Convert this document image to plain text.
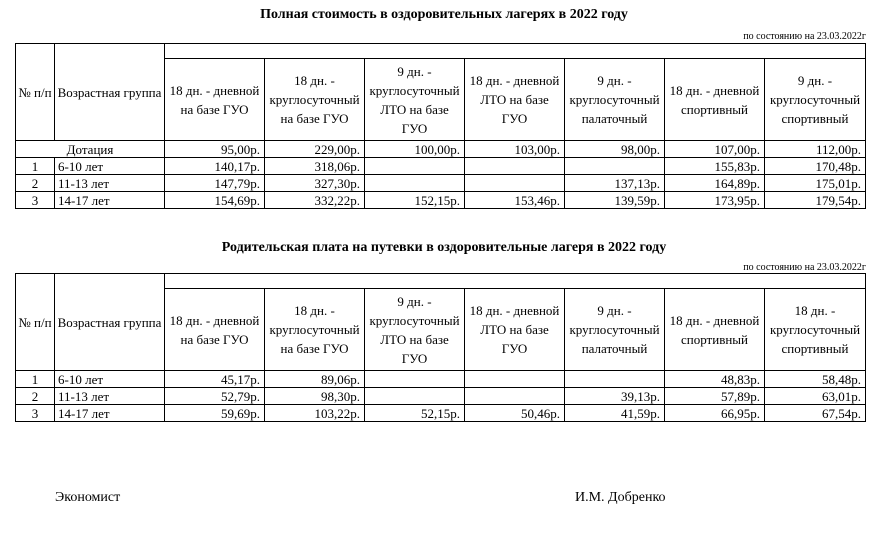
Полная стоимость в оздоровительных лагерях в 2022 году
по состоянию на 23.03.2022г
№ п/п	Возрастная группа							
		18 дн. - дневной на базе ГУО	18 дн. - круглосуточный на базе ГУО	9 дн. - круглосуточный ЛТО на базе ГУО	18 дн. - дневной ЛТО на базе ГУО	9 дн. - круглосуточный палаточный	18 дн. - дневной спортивный	9 дн. - круглосуточный спортивный
Дотация		95,00р.	229,00р.	100,00р.	103,00р.	98,00р.	107,00р.	112,00р.
1	6-10 лет	140,17р.	318,06р.				155,83р.	170,48р.
2	11-13 лет	147,79р.	327,30р.			137,13р.	164,89р.	175,01р.
3	14-17 лет	154,69р.	332,22р.	152,15р.	153,46р.	139,59р.	173,95р.	179,54р.
Родительская плата на путевки в оздоровительные лагеря в 2022 году
по состоянию на 23.03.2022г
№ п/п	Возрастная группа							
		18 дн. - дневной на базе ГУО	18 дн. - круглосуточный на базе ГУО	9 дн. - круглосуточный ЛТО на базе ГУО	18 дн. - дневной ЛТО на базе ГУО	9 дн. - круглосуточный палаточный	18 дн. - дневной спортивный	18 дн. - круглосуточный спортивный
1	6-10 лет	45,17р.	89,06р.				48,83р.	58,48р.
2	11-13 лет	52,79р.	98,30р.			39,13р.	57,89р.	63,01р.
3	14-17 лет	59,69р.	103,22р.	52,15р.	50,46р.	41,59р.	66,95р.	67,54р.
Экономист	И.М. Добренко
